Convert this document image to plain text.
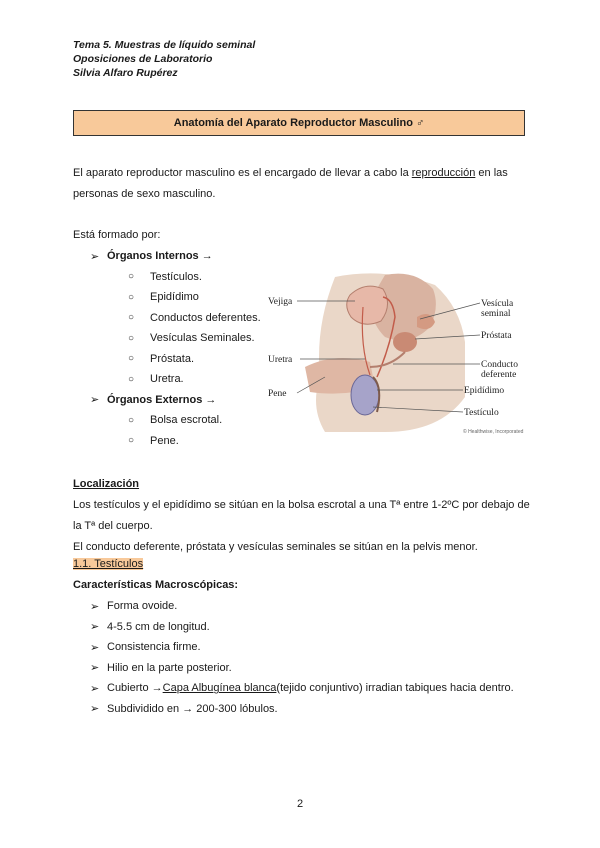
Tema 5. Muestras de líquido seminal
Oposiciones de Laboratorio
Silvia Alfaro Rupérez
Anatomía del Aparato Reproductor Masculino ♂
El aparato reproductor masculino es el encargado de llevar a cabo la reproducción en las personas de sexo masculino.
Está formado por:
➢ Órganos Internos →
○	Testículos.
○	Epidídimo
○	Conductos deferentes.
○	Vesículas Seminales.
○	Próstata.
○	Uretra.
➢ Órganos Externos →
○	Bolsa escrotal.
○	Pene.
Vejiga
Uretra
Pene
Vesícula seminal
Próstata
Conducto deferente
Epidídimo
Testículo
© Healthwise, Incorporated
Localización
Los testículos y el epidídimo se sitúan en la bolsa escrotal a una Tª entre 1-2ºC por debajo de la Tª del cuerpo.
El conducto deferente, próstata y vesículas seminales se sitúan en la pelvis menor.
1.1. Testículos
Características Macroscópicas:
➢ Forma ovoide.
➢ 4-5.5 cm de longitud.
➢ Consistencia firme.
➢ Hilio en la parte posterior.
➢ Cubierto → Capa Albugínea blanca (tejido conjuntivo) irradian tabiques hacia dentro.
➢ Subdividido en → 200-300 lóbulos.
2
